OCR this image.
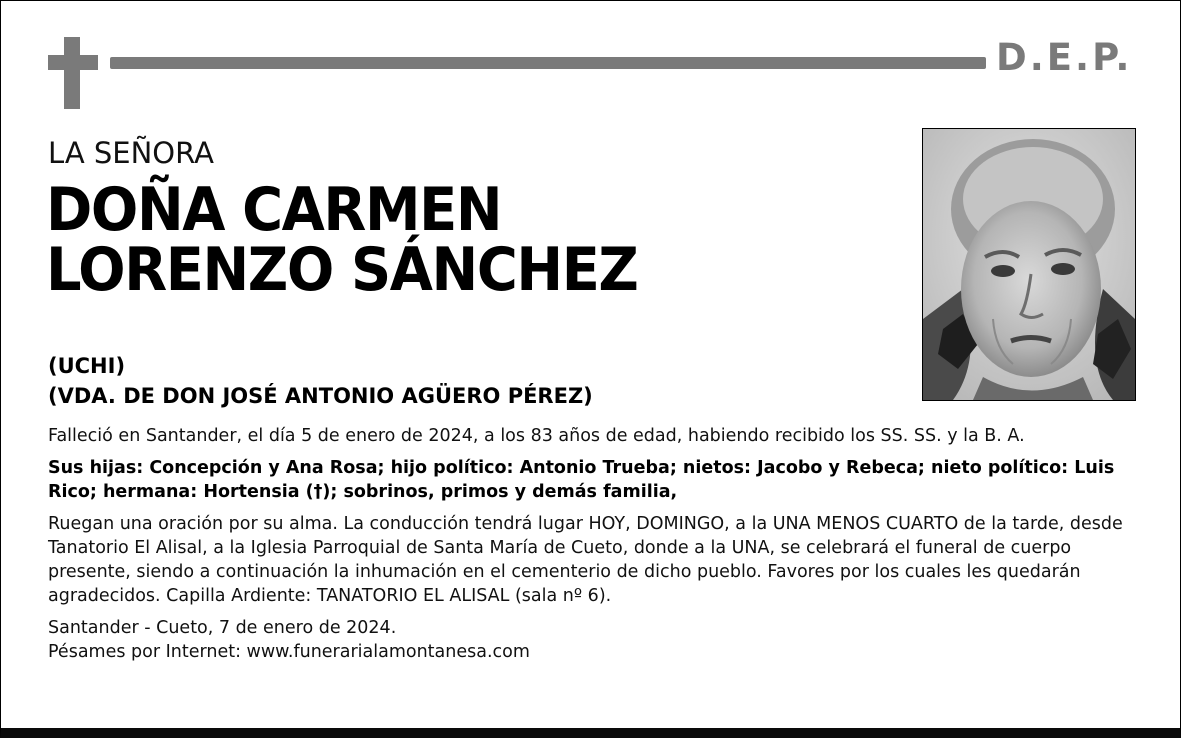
D.E.P.
LA SEÑORA
DOÑA CARMEN
LORENZO SÁNCHEZ
(UCHI)
(VDA. DE DON JOSÉ ANTONIO AGÜERO PÉREZ)

Falleció en Santander, el día 5 de enero de 2024, a los 83 años de edad, habiendo recibido los SS. SS. y la B. A.

Sus hijas: Concepción y Ana Rosa; hijo político: Antonio Trueba; nietos: Jacobo y Rebeca; nieto político: Luis Rico; hermana: Hortensia (†); sobrinos, primos y demás familia,

Ruegan una oración por su alma. La conducción tendrá lugar HOY, DOMINGO, a la UNA MENOS CUARTO de la tarde, desde Tanatorio El Alisal, a la Iglesia Parroquial de Santa María de Cueto, donde a la UNA, se celebrará el funeral de cuerpo presente, siendo a continuación la inhumación en el cementerio de dicho pueblo. Favores por los cuales les quedarán agradecidos. Capilla Ardiente: TANATORIO EL ALISAL (sala nº 6).

Santander - Cueto, 7 de enero de 2024.

Pésames por Internet: www.funerarialamontanesa.com
